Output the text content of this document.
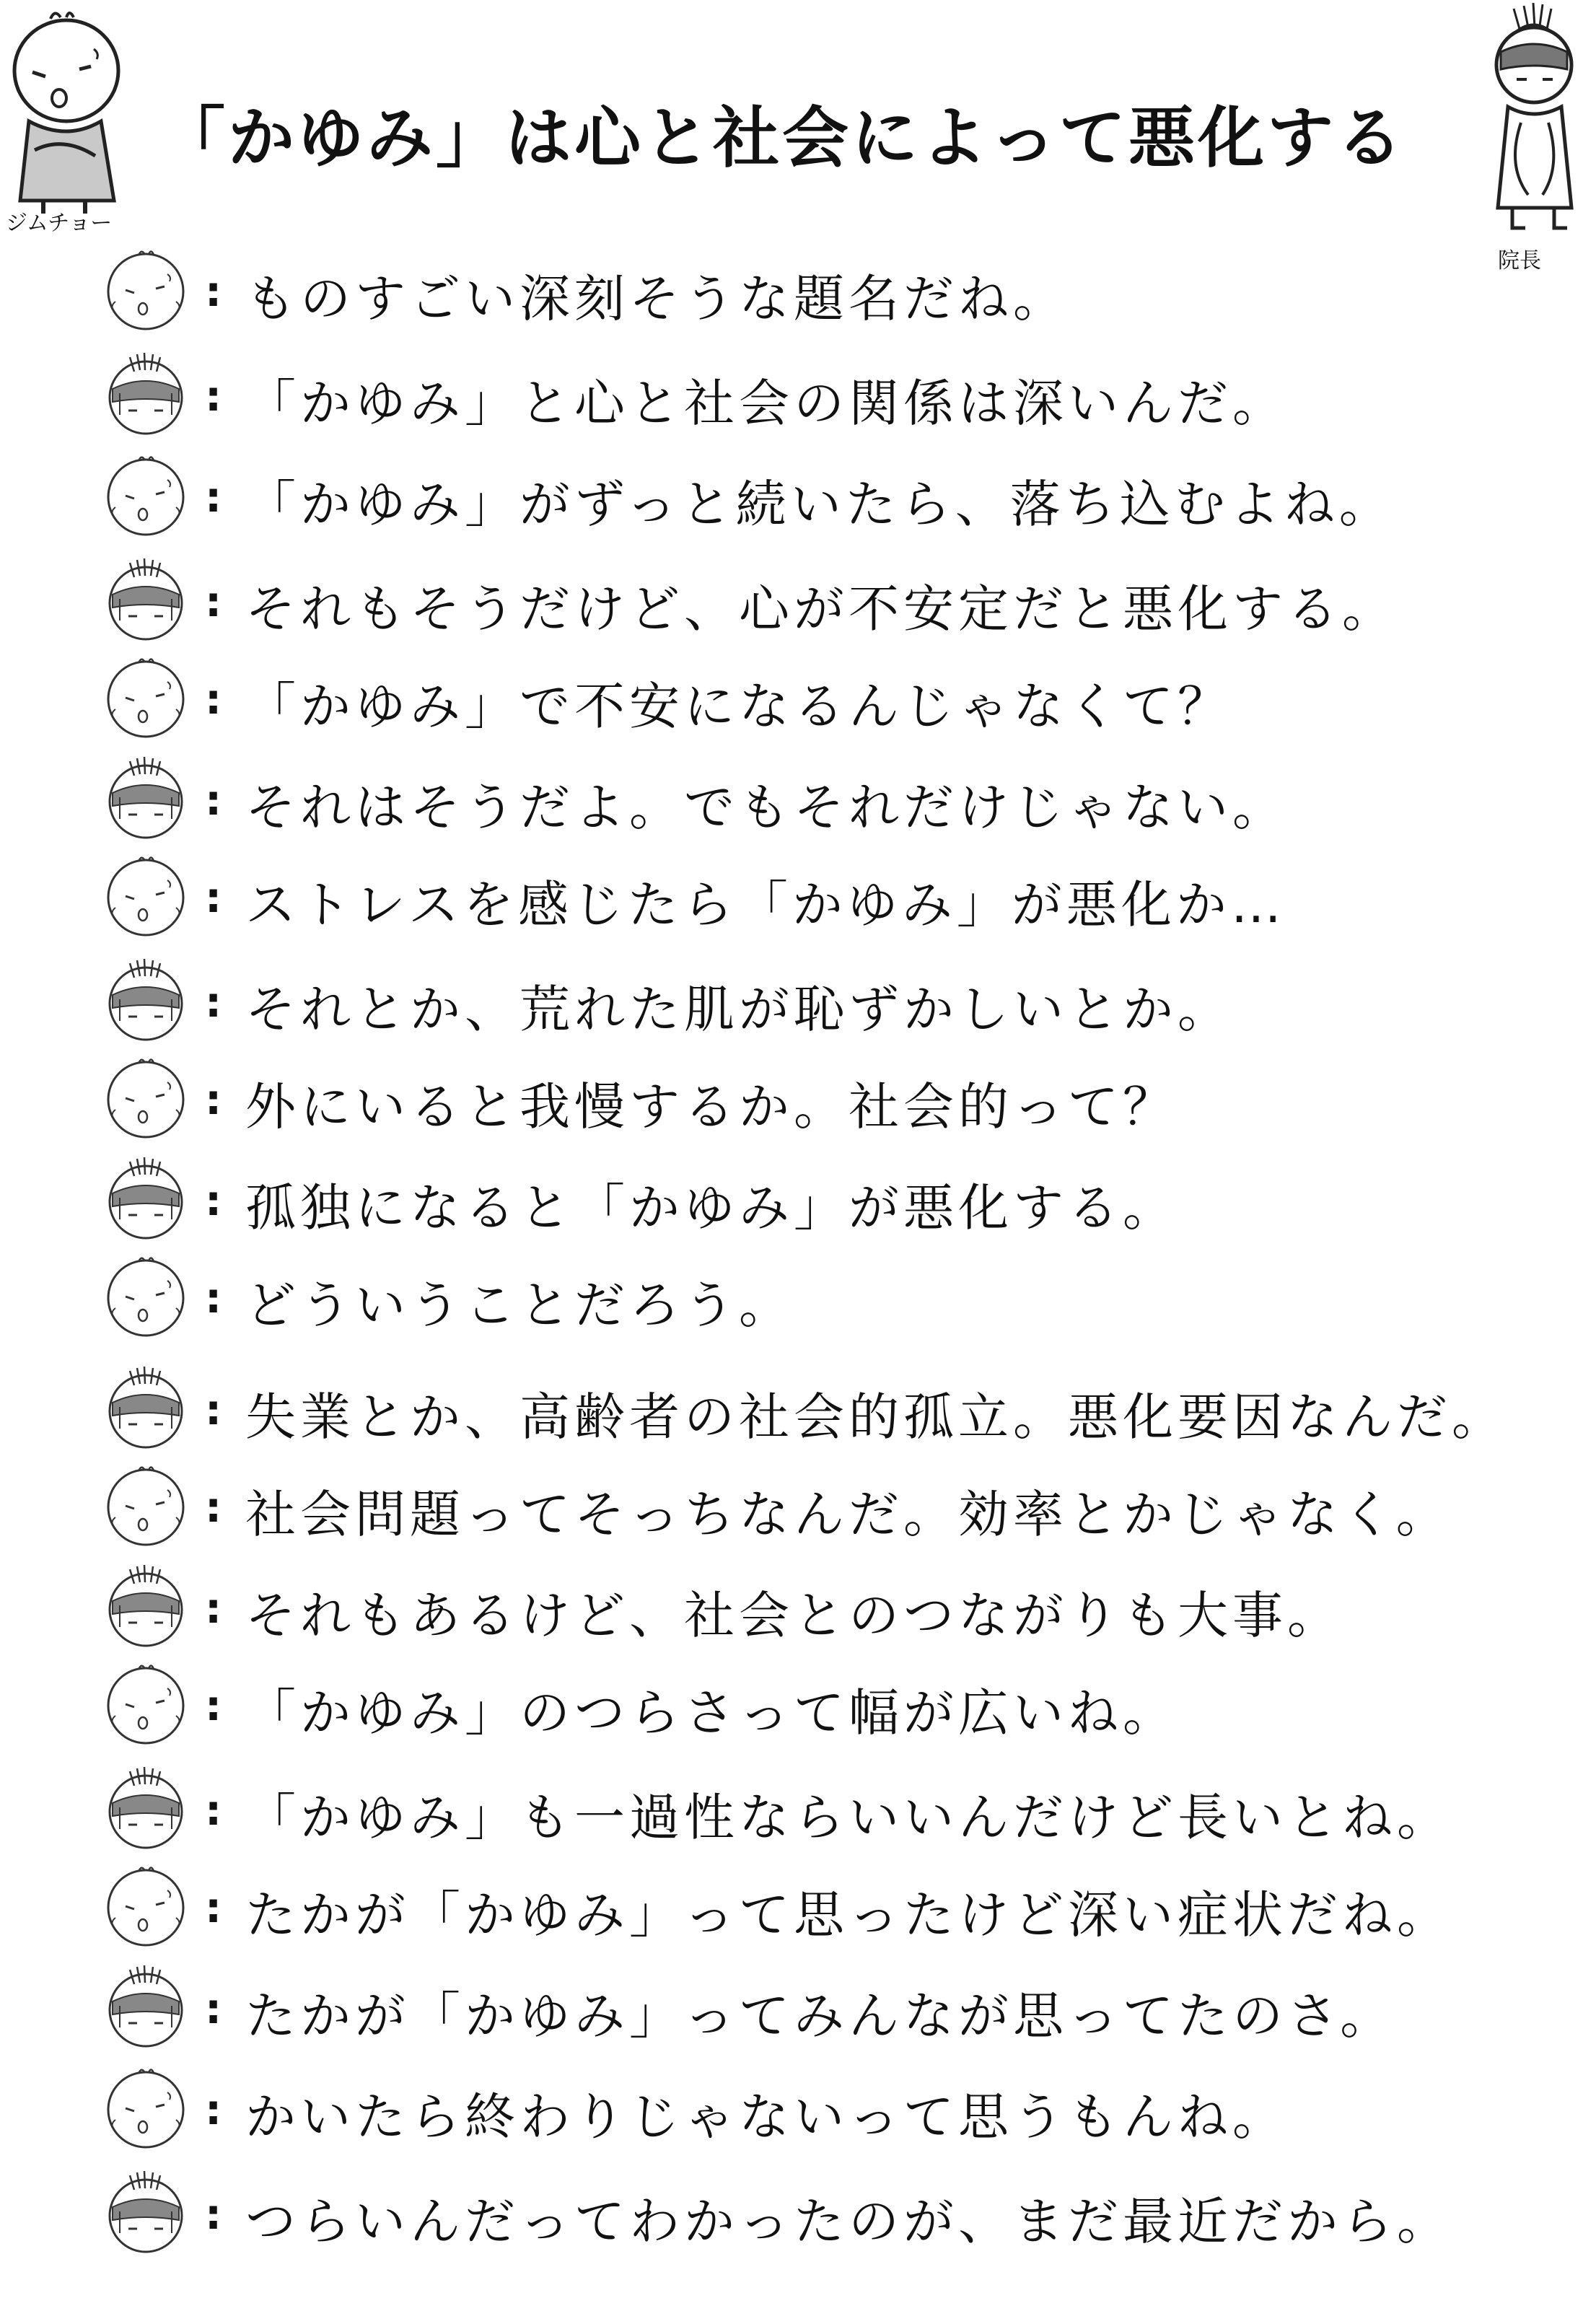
ジムチョー
「かゆみ」は心と社会によって悪化する
院長
: ものすごい深刻そうな題名だね。
: 「かゆみ」と心と社会の関係は深いんだ。
: 「かゆみ」がずっと続いたら、落ち込むよね。
: それもそうだけど、心が不安定だと悪化する。
: 「かゆみ」で不安になるんじゃなくて？
: それはそうだよ。でもそれだけじゃない。
: ストレスを感じたら「かゆみ」が悪化か…
: それとか、荒れた肌が恥ずかしいとか。
: 外にいると我慢するか。社会的って？
: 孤独になると「かゆみ」が悪化する。
: どういうことだろう。
: 失業とか、高齢者の社会的孤立。悪化要因なんだ。
: 社会問題ってそっちなんだ。効率とかじゃなく。
: それもあるけど、社会とのつながりも大事。
: 「かゆみ」のつらさって幅が広いね。
: 「かゆみ」も一過性ならいいんだけど長いとね。
: たかが「かゆみ」って思ったけど深い症状だね。
: たかが「かゆみ」ってみんなが思ってたのさ。
: かいたら終わりじゃないって思うもんね。
: つらいんだってわかったのが、まだ最近だから。
